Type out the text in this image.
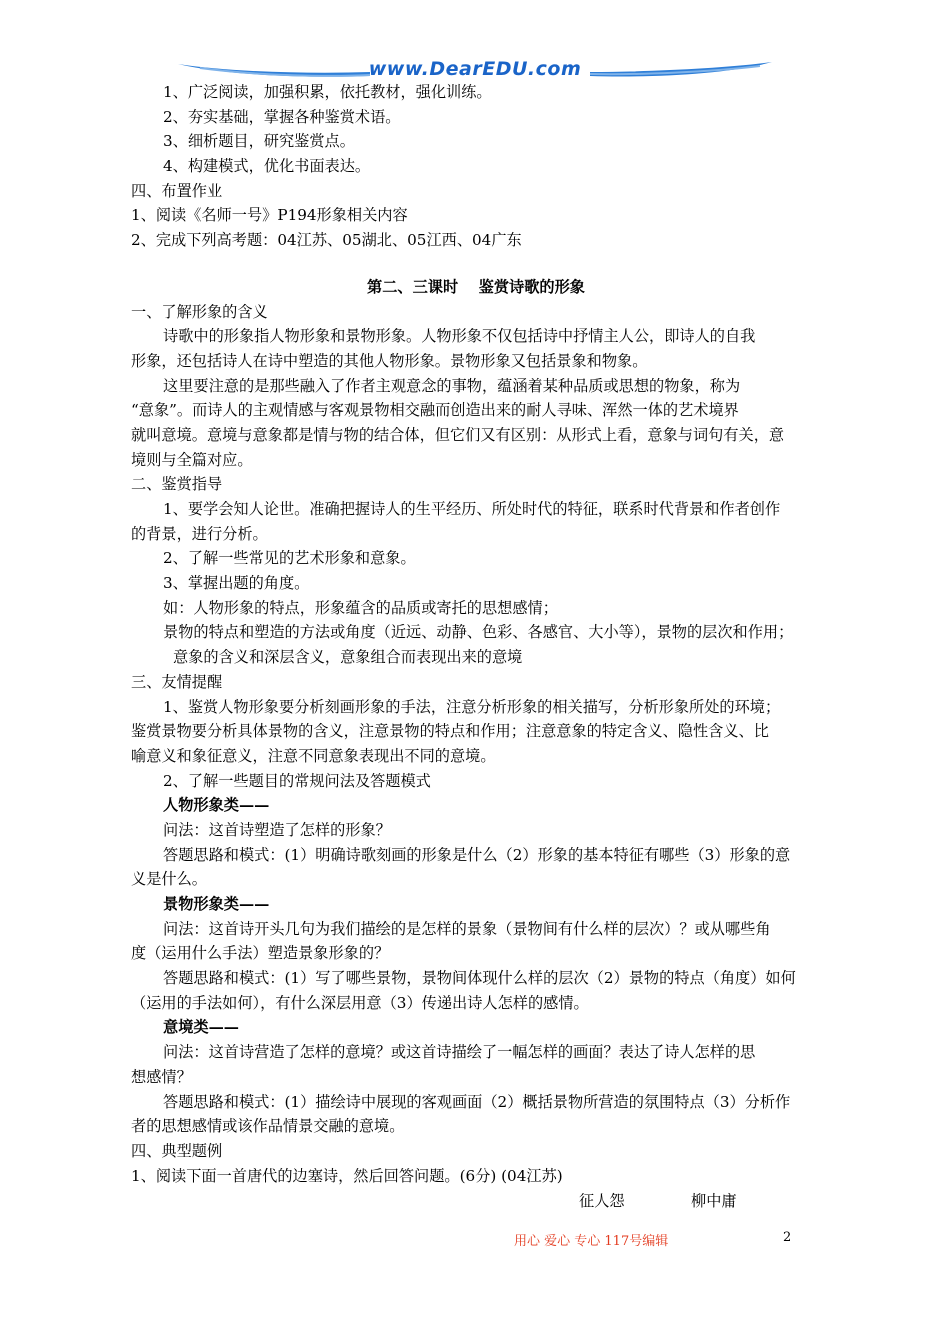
www.DearEDU.com
1、广泛阅读，加强积累，依托教材，强化训练。
2、夯实基础，掌握各种鉴赏术语。
3、细析题目，研究鉴赏点。
4、构建模式，优化书面表达。
四、布置作业
1、阅读《名师一号》P194形象相关内容
2、完成下列高考题：04江苏、05湖北、05江西、04广东
第二、三课时　 鉴赏诗歌的形象
一、了解形象的含义
诗歌中的形象指人物形象和景物形象。人物形象不仅包括诗中抒情主人公，即诗人的自我
形象，还包括诗人在诗中塑造的其他人物形象。景物形象又包括景象和物象。
这里要注意的是那些融入了作者主观意念的事物，蕴涵着某种品质或思想的物象，称为
“意象”。而诗人的主观情感与客观景物相交融而创造出来的耐人寻味、浑然一体的艺术境界
就叫意境。意境与意象都是情与物的结合体，但它们又有区别：从形式上看，意象与词句有关，意
境则与全篇对应。
二、鉴赏指导
1、要学会知人论世。准确把握诗人的生平经历、所处时代的特征，联系时代背景和作者创作
的背景，进行分析。
2、了解一些常见的艺术形象和意象。
3、掌握出题的角度。
如：人物形象的特点，形象蕴含的品质或寄托的思想感情；
景物的特点和塑造的方法或角度（近远、动静、色彩、各感官、大小等），景物的层次和作用；
意象的含义和深层含义，意象组合而表现出来的意境
三、友情提醒
1、鉴赏人物形象要分析刻画形象的手法，注意分析形象的相关描写，分析形象所处的环境；
鉴赏景物要分析具体景物的含义，注意景物的特点和作用；注意意象的特定含义、隐性含义、比
喻意义和象征意义，注意不同意象表现出不同的意境。
2、了解一些题目的常规问法及答题模式
人物形象类——
问法：这首诗塑造了怎样的形象？
答题思路和模式：(1）明确诗歌刻画的形象是什么（2）形象的基本特征有哪些（3）形象的意
义是什么。
景物形象类——
问法：这首诗开头几句为我们描绘的是怎样的景象（景物间有什么样的层次）？或从哪些角
度（运用什么手法）塑造景象形象的？
答题思路和模式：(1）写了哪些景物，景物间体现什么样的层次（2）景物的特点（角度）如何
（运用的手法如何），有什么深层用意（3）传递出诗人怎样的感情。
意境类——
问法：这首诗营造了怎样的意境？或这首诗描绘了一幅怎样的画面？表达了诗人怎样的思
想感情？
答题思路和模式：(1）描绘诗中展现的客观画面（2）概括景物所营造的氛围特点（3）分析作
者的思想感情或该作品情景交融的意境。
四、典型题例
1、阅读下面一首唐代的边塞诗，然后回答问题。(6分) (04江苏)
征人怨	柳中庸
用心 爱心 专心 117号编辑	2
